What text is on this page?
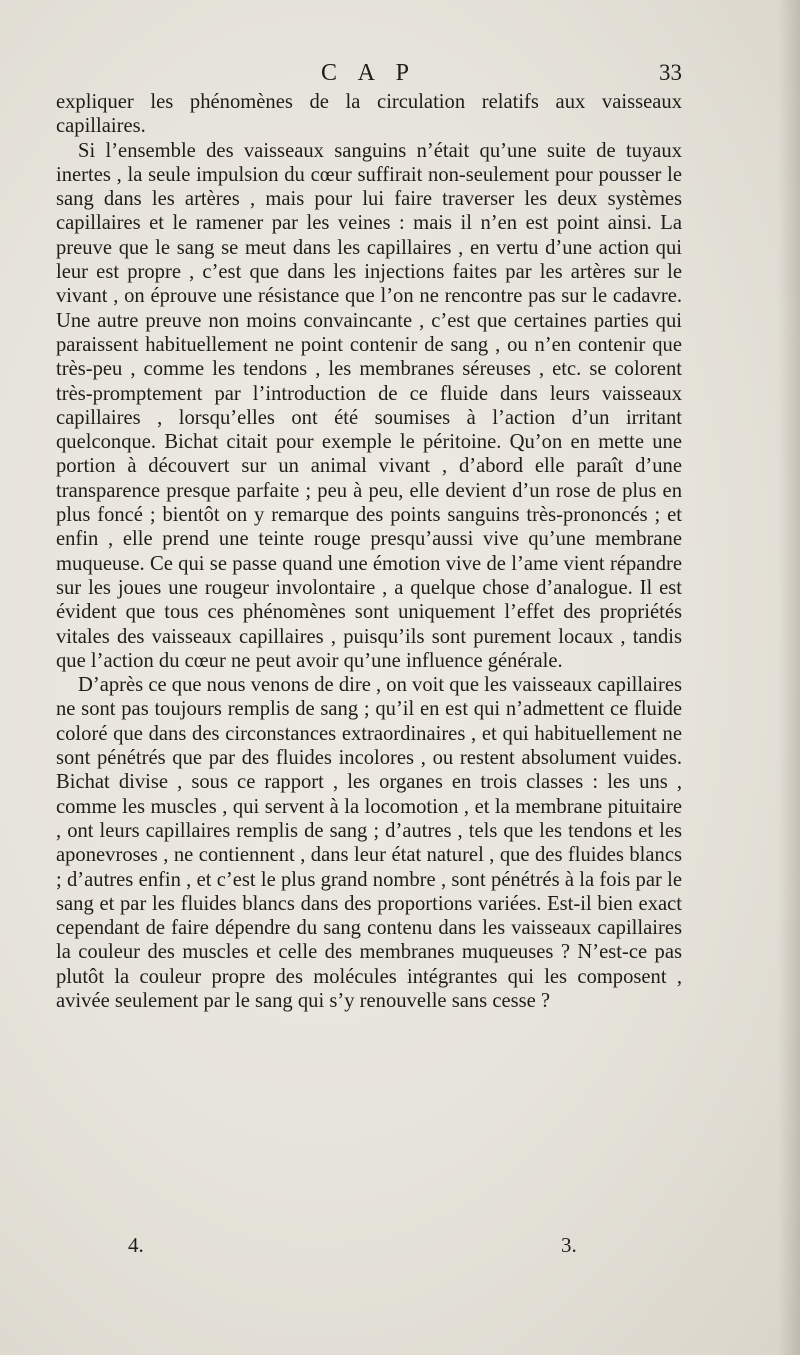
C A P	33

expliquer les phénomènes de la circulation relatifs aux vaisseaux capillaires.

Si l’ensemble des vaisseaux sanguins n’était qu’une suite de tuyaux inertes , la seule impulsion du cœur suffirait non-seulement pour pousser le sang dans les artères , mais pour lui faire traverser les deux systèmes capillaires et le ramener par les veines : mais il n’en est point ainsi. La preuve que le sang se meut dans les capillaires , en vertu d’une action qui leur est propre , c’est que dans les injections faites par les artères sur le vivant , on éprouve une résistance que l’on ne rencontre pas sur le cadavre. Une autre preuve non moins convaincante , c’est que certaines parties qui paraissent habituellement ne point contenir de sang , ou n’en contenir que très-peu , comme les tendons , les membranes séreuses , etc. se colorent très-promptement par l’introduction de ce fluide dans leurs vaisseaux capillaires , lorsqu’elles ont été soumises à l’action d’un irritant quelconque. Bichat citait pour exemple le péritoine. Qu’on en mette une portion à découvert sur un animal vivant , d’abord elle paraît d’une transparence presque parfaite ; peu à peu, elle devient d’un rose de plus en plus foncé ; bientôt on y remarque des points sanguins très-prononcés ; et enfin , elle prend une teinte rouge presqu’aussi vive qu’une membrane muqueuse. Ce qui se passe quand une émotion vive de l’ame vient répandre sur les joues une rougeur involontaire , a quelque chose d’analogue. Il est évident que tous ces phénomènes sont uniquement l’effet des propriétés vitales des vaisseaux capillaires , puisqu’ils sont purement locaux , tandis que l’action du cœur ne peut avoir qu’une influence générale.

D’après ce que nous venons de dire , on voit que les vaisseaux capillaires ne sont pas toujours remplis de sang ; qu’il en est qui n’admettent ce fluide coloré que dans des circonstances extraordinaires , et qui habituellement ne sont pénétrés que par des fluides incolores , ou restent absolument vuides. Bichat divise , sous ce rapport , les organes en trois classes : les uns , comme les muscles , qui servent à la locomotion , et la membrane pituitaire , ont leurs capillaires remplis de sang ; d’autres , tels que les tendons et les aponevroses , ne contiennent , dans leur état naturel , que des fluides blancs ; d’autres enfin , et c’est le plus grand nombre , sont pénétrés à la fois par le sang et par les fluides blancs dans des proportions variées. Est-il bien exact cependant de faire dépendre du sang contenu dans les vaisseaux capillaires la couleur des muscles et celle des membranes muqueuses ? N’est-ce pas plutôt la couleur propre des molécules intégrantes qui les composent , avivée seulement par le sang qui s’y renouvelle sans cesse ?

4.	3.
